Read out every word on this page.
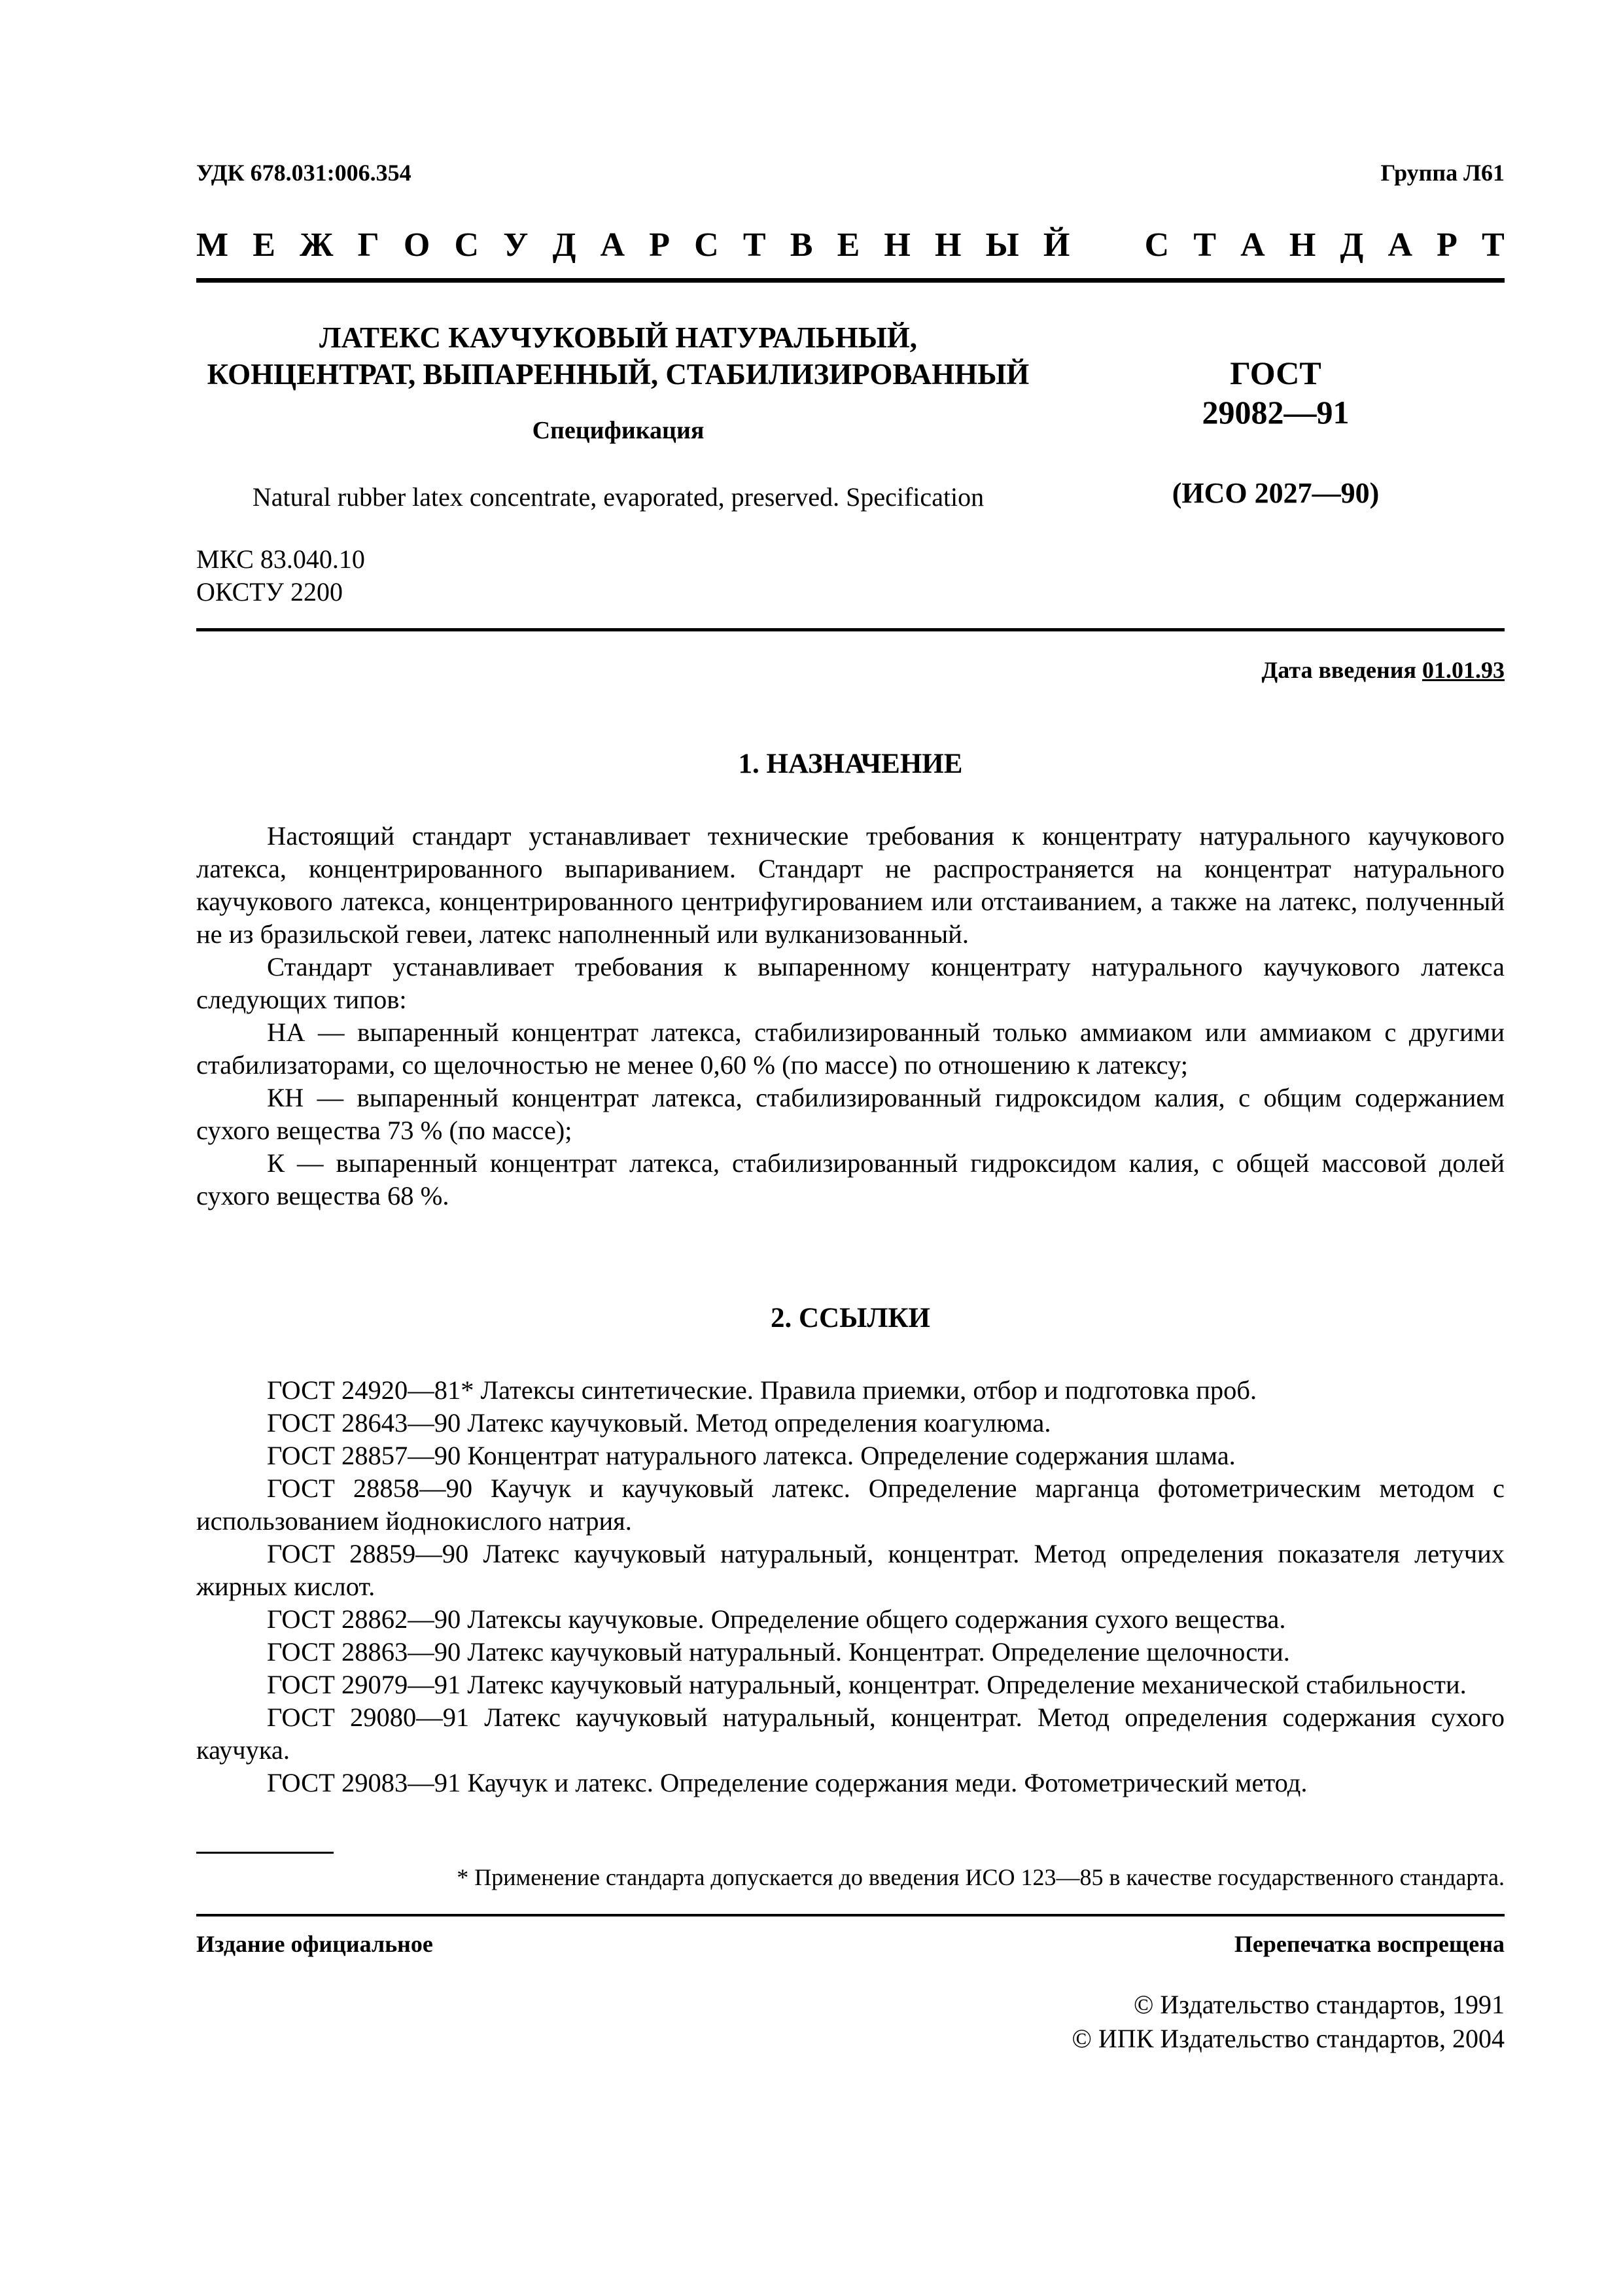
УДК 678.031:006.354	Группа Л61
М Е Ж Г О С У Д А Р С Т В Е Н Н Ы Й С Т А Н Д А Р Т
ЛАТЕКС КАУЧУКОВЫЙ НАТУРАЛЬНЫЙ,
КОНЦЕНТРАТ, ВЫПАРЕННЫЙ, СТАБИЛИЗИРОВАННЫЙ
Спецификация
Natural rubber latex concentrate, evaporated, preserved. Specification
ГОСТ
29082—91
(ИСО 2027—90)
МКС 83.040.10
ОКСТУ 2200
Дата введения 01.01.93
1. НАЗНАЧЕНИЕ

Настоящий стандарт устанавливает технические требования к концентрату натурального каучукового латекса, концентрированного выпариванием. Стандарт не распространяется на концентрат натурального каучукового латекса, концентрированного центрифугированием или отстаиванием, а также на латекс, полученный не из бразильской гевеи, латекс наполненный или вулканизованный.

Стандарт устанавливает требования к выпаренному концентрату натурального каучукового латекса следующих типов:

НА — выпаренный концентрат латекса, стабилизированный только аммиаком или аммиаком с другими стабилизаторами, со щелочностью не менее 0,60 % (по массе) по отношению к латексу;

КН — выпаренный концентрат латекса, стабилизированный гидроксидом калия, с общим содержанием сухого вещества 73 % (по массе);

К — выпаренный концентрат латекса, стабилизированный гидроксидом калия, с общей массовой долей сухого вещества 68 %.

2. ССЫЛКИ

ГОСТ 24920—81* Латексы синтетические. Правила приемки, отбор и подготовка проб.

ГОСТ 28643—90 Латекс каучуковый. Метод определения коагулюма.

ГОСТ 28857—90 Концентрат натурального латекса. Определение содержания шлама.

ГОСТ 28858—90 Каучук и каучуковый латекс. Определение марганца фотометрическим методом с использованием йоднокислого натрия.

ГОСТ 28859—90 Латекс каучуковый натуральный, концентрат. Метод определения показателя летучих жирных кислот.

ГОСТ 28862—90 Латексы каучуковые. Определение общего содержания сухого вещества.

ГОСТ 28863—90 Латекс каучуковый натуральный. Концентрат. Определение щелочности.

ГОСТ 29079—91 Латекс каучуковый натуральный, концентрат. Определение механической стабильности.

ГОСТ 29080—91 Латекс каучуковый натуральный, концентрат. Метод определения содержания сухого каучука.

ГОСТ 29083—91 Каучук и латекс. Определение содержания меди. Фотометрический метод.

* Применение стандарта допускается до введения ИСО 123—85 в качестве государственного стандарта.
Издание официальное	Перепечатка воспрещена
© Издательство стандартов, 1991
© ИПК Издательство стандартов, 2004
